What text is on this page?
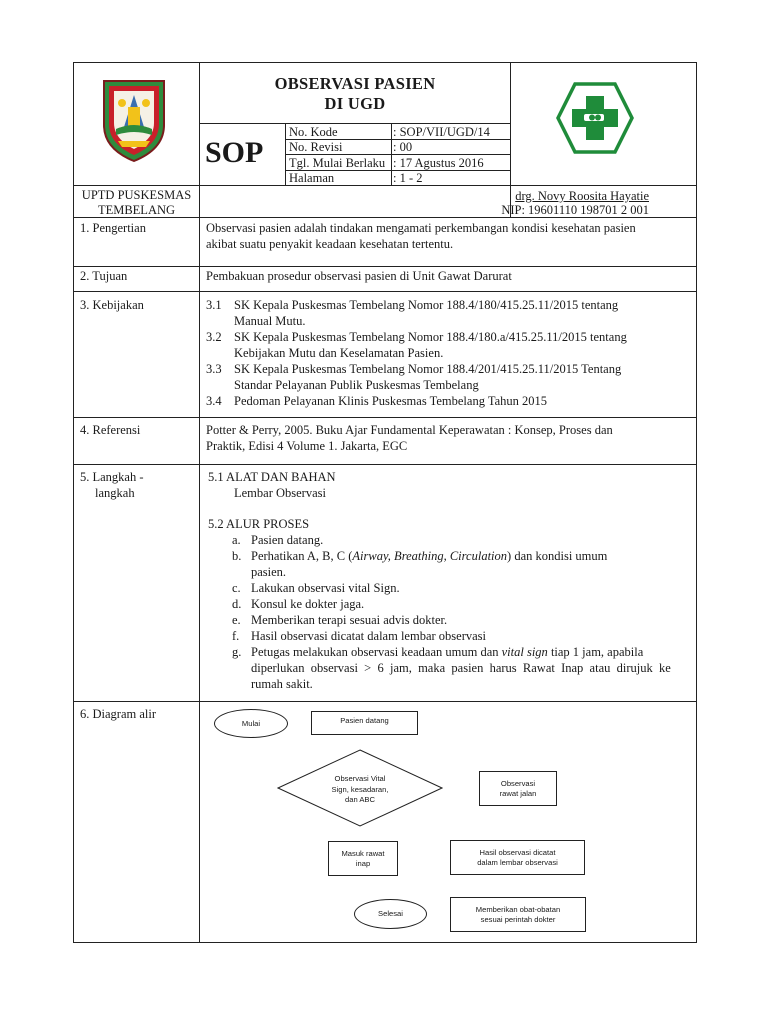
OBSERVASI PASIEN
DI UGD
SOP
No. Kode	: SOP/VII/UGD/14
No. Revisi	: 00
Tgl. Mulai Berlaku : 17 Agustus 2016
Halaman	: 1 - 2
UPTD PUSKESMAS
TEMBELANG
drg. Novy Roosita Hayatie
NIP: 19601110 198701 2 001
1. Pengertian	Observasi pasien adalah tindakan mengamati perkembangan kondisi kesehatan pasien
akibat suatu penyakit keadaan kesehatan tertentu.
2. Tujuan	Pembakuan prosedur observasi pasien di Unit Gawat Darurat
3. Kebijakan	3.1 SK Kepala Puskesmas Tembelang Nomor 188.4/180/415.25.11/2015 tentang
Manual Mutu.
3.2 SK Kepala Puskesmas Tembelang Nomor 188.4/180.a/415.25.11/2015 tentang
Kebijakan Mutu dan Keselamatan Pasien.
3.3 SK Kepala Puskesmas Tembelang Nomor 188.4/201/415.25.11/2015 Tentang
Standar Pelayanan Publik Puskesmas Tembelang
3.4 Pedoman Pelayanan Klinis Puskesmas Tembelang Tahun 2015
4. Referensi	Potter & Perry, 2005. Buku Ajar Fundamental Keperawatan : Konsep, Proses dan
Praktik, Edisi 4 Volume 1. Jakarta, EGC
5. Langkah -
langkah
5.1 ALAT DAN BAHAN
Lembar Observasi
5.2 ALUR PROSES
a. Pasien datang.
b. Perhatikan A, B, C (Airway, Breathing, Circulation) dan kondisi umum
pasien.
c. Lakukan observasi vital Sign.
d. Konsul ke dokter jaga.
e. Memberikan terapi sesuai advis dokter.
f. Hasil observasi dicatat dalam lembar observasi
g. Petugas melakukan observasi keadaan umum dan vital sign tiap 1 jam, apabila
diperlukan  observasi  >  6  jam,  maka  pasien  harus  Rawat  Inap  atau  dirujuk  ke
rumah sakit.
6. Diagram alir
Mulai	Pasien datang
Observasi Vital
Sign, kesadaran,
dan ABC
Observasi
rawat jalan
Masuk rawat
inap
Hasil observasi dicatat
dalam lembar observasi
Selesai	Memberikan obat-obatan
sesuai perintah dokter
